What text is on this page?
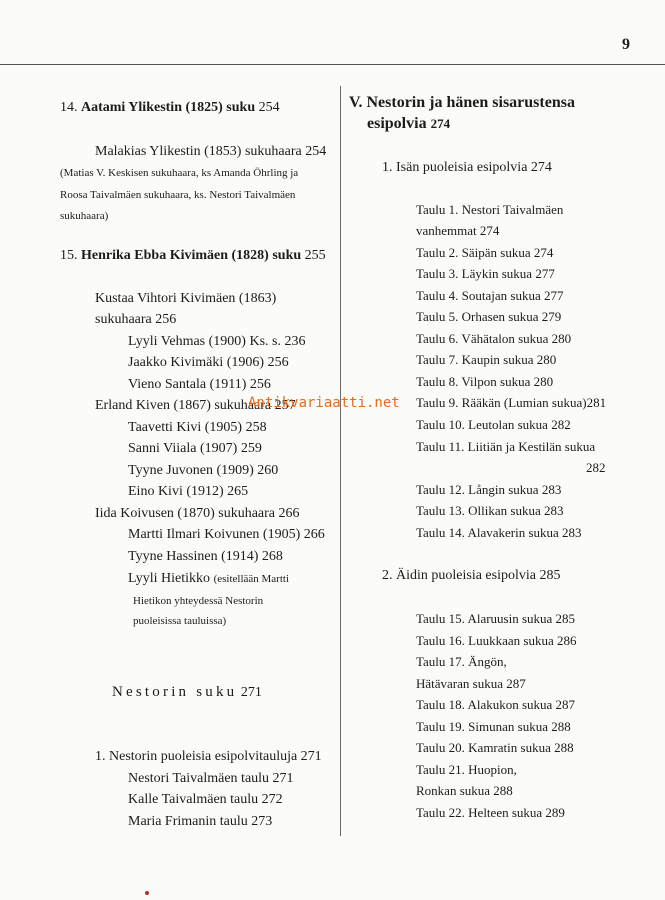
9
14. Aatami Ylikestin (1825) suku 254
Malakias Ylikestin (1853) sukuhaara 254
(Matias V. Keskisen sukuhaara, ks Amanda Öhrling ja
Roosa Taivalmäen sukuhaara, ks. Nestori Taivalmäen
sukuhaara)
15. Henrika Ebba Kivimäen (1828) suku 255
Kustaa Vihtori Kivimäen (1863)
sukuhaara 256
Lyyli Vehmas (1900) Ks. s. 236
Jaakko Kivimäki (1906) 256
Vieno Santala (1911) 256
Erland Kiven (1867) sukuhaara 257
Taavetti Kivi (1905) 258
Sanni Viiala (1907) 259
Tyyne Juvonen (1909) 260
Eino Kivi (1912) 265
Iida Koivusen (1870) sukuhaara 266
Martti Ilmari Koivunen (1905) 266
Tyyne Hassinen (1914) 268
Lyyli Hietikko (esitellään Martti
Hietikon yhteydessä Nestorin
puoleisissa tauluissa)
Nestorin suku 271
1. Nestorin puoleisia esipolvitauluja 271
Nestori Taivalmäen taulu 271
Kalle Taivalmäen taulu 272
Maria Frimanin taulu 273
V. Nestorin ja hänen sisarustensa
esipolvia 274
1. Isän puoleisia esipolvia 274
Taulu 1. Nestori Taivalmäen
vanhemmat 274
Taulu 2. Säipän sukua 274
Taulu 3. Läykin sukua 277
Taulu 4. Soutajan sukua 277
Taulu 5. Orhasen sukua 279
Taulu 6. Vähätalon sukua 280
Taulu 7. Kaupin sukua 280
Taulu 8. Vilpon sukua 280
Taulu 9. Rääkän (Lumian sukua)281
Taulu 10. Leutolan sukua 282
Taulu 11. Liitiän ja Kestilän sukua
282
Taulu 12. Långin sukua 283
Taulu 13. Ollikan sukua 283
Taulu 14. Alavakerin sukua 283
2. Äidin puoleisia esipolvia 285
Taulu 15. Alaruusin sukua 285
Taulu 16. Luukkaan sukua 286
Taulu 17. Ängön,
Hätävaran sukua 287
Taulu 18. Alakukon sukua 287
Taulu 19. Simunan sukua 288
Taulu 20. Kamratin sukua 288
Taulu 21. Huopion,
Ronkan sukua 288
Taulu 22. Helteen sukua 289
Antikvariaatti.net
